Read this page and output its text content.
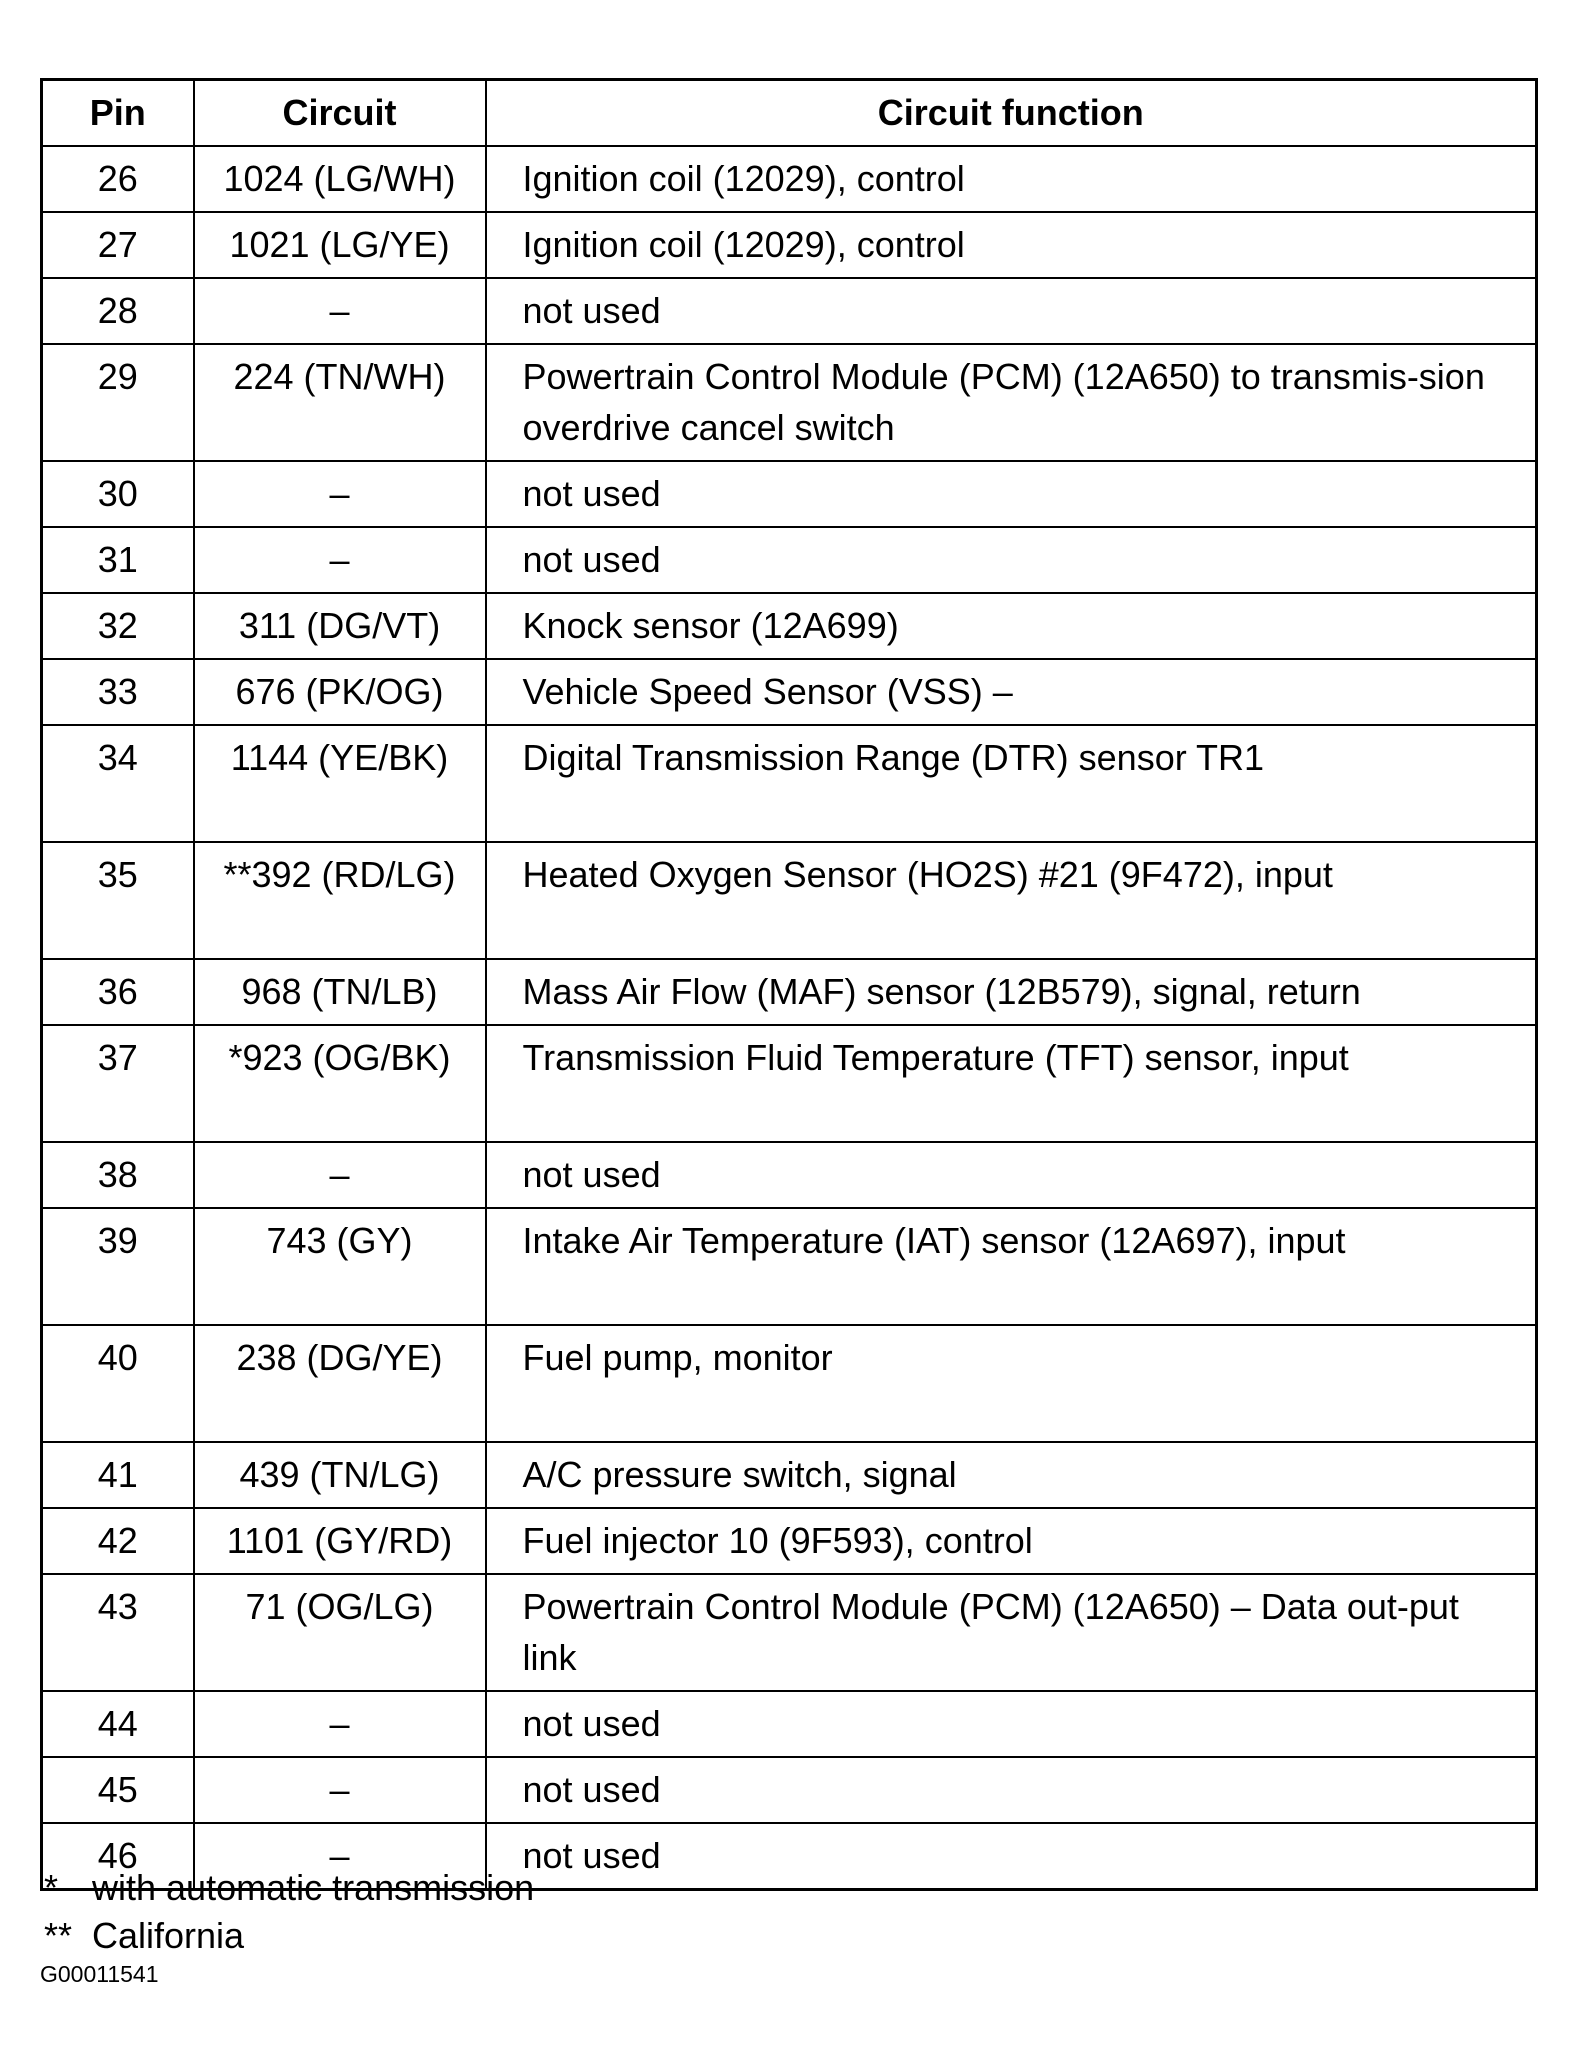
Pin	Circuit	Circuit function
26	1024 (LG/WH)	Ignition coil (12029), control
27	1021 (LG/YE)	Ignition coil (12029), control
28	–	not used
29	224 (TN/WH)	Powertrain Control Module (PCM) (12A650) to transmis-sion overdrive cancel switch
30	–	not used
31	–	not used
32	311 (DG/VT)	Knock sensor (12A699)
33	676 (PK/OG)	Vehicle Speed Sensor (VSS) –
34	1144 (YE/BK)	Digital Transmission Range (DTR) sensor TR1
35	**392 (RD/LG)	Heated Oxygen Sensor (HO2S) #21 (9F472), input
36	968 (TN/LB)	Mass Air Flow (MAF) sensor (12B579), signal, return
37	*923 (OG/BK)	Transmission Fluid Temperature (TFT) sensor, input
38	–	not used
39	743 (GY)	Intake Air Temperature (IAT) sensor (12A697), input
40	238 (DG/YE)	Fuel pump, monitor
41	439 (TN/LG)	A/C pressure switch, signal
42	1101 (GY/RD)	Fuel injector 10 (9F593), control
43	71 (OG/LG)	Powertrain Control Module (PCM) (12A650) – Data out-put link
44	–	not used
45	–	not used
46	–	not used
* with automatic transmission
** California
G00011541
